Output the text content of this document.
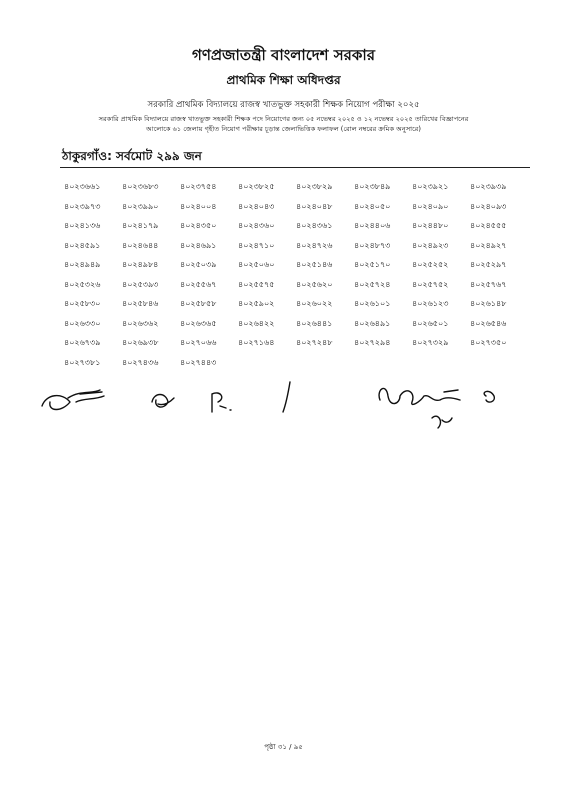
গণপ্রজাতন্ত্রী বাংলাদেশ সরকার
প্রাথমিক শিক্ষা অধিদপ্তর
সরকারি প্রাথমিক বিদ্যালয়ে রাজস্ব খাতভুক্ত সহকারী শিক্ষক নিয়োগ পরীক্ষা ২০২৫
সরকারি প্রাথমিক বিদ্যালয়ে রাজস্ব খাতভুক্ত সহকারী শিক্ষক পদে নিয়োগের জন্য ০৫ নভেম্বর ২০২৫ ও ১২ নভেম্বর ২০২৫ তারিখের বিজ্ঞাপনের
আলোকে ৬১ জেলায় গৃহীত নিয়োগ পরীক্ষার চূড়ান্ত জেলাভিত্তিক ফলাফল (রোল নম্বরের ক্রমিক অনুসারে)
ঠাকুরগাঁও: সর্বমোট ২৯৯ জন
৪০২৩৬৬১	৪০২৩৬৮৩	৪০২৩৭৫৪	৪০২৩৮২৫	৪০২৩৮২৯	৪০২৩৮৪৯	৪০২৩৯২১	৪০২৩৯৩৯
৪০২৩৯৭৩	৪০২৩৯৯০	৪০২৪০০৪	৪০২৪০৪৩	৪০২৪০৪৮	৪০২৪০৫০	৪০২৪০৯০	৪০২৪০৯৩
৪০২৪১৩৬	৪০২৪১৭৯	৪০২৪৩৫০	৪০২৪৩৬০	৪০২৪৩৬১	৪০২৪৪০৬	৪০২৪৪৮০	৪০২৪৫৫৫
৪০২৪৫৯১	৪০২৪৬৪৪	৪০২৪৬৯১	৪০২৪৭১০	৪০২৪৭২৬	৪০২৪৮৭৩	৪০২৪৯২৩	৪০২৪৯২৭
৪০২৪৯৪৯	৪০২৪৯৮৪	৪০২৫০৩৯	৪০২৫০৬০	৪০২৫১৪৬	৪০২৫১৭০	৪০২৫২৫২	৪০২৫২৯৭
৪০২৫৩২৬	৪০২৫৩৯৩	৪০২৫৫৬৭	৪০২৫৫৭৫	৪০২৫৬২০	৪০২৫৭২৪	৪০২৫৭৫২	৪০২৫৭৬৭
৪০২৫৮৩০	৪০২৫৮৪৬	৪০২৫৮৫৮	৪০২৫৯০২	৪০২৬০২২	৪০২৬১০১	৪০২৬১২৩	৪০২৬১৪৮
৪০২৬৩৩০	৪০২৬৩৬২	৪০২৬৩৬৫	৪০২৬৪২২	৪০২৬৪৪১	৪০২৬৪৯১	৪০২৬৫০১	৪০২৬৫৪৬
৪০২৬৭৩৯	৪০২৬৯৩৮	৪০২৭০৬৬	৪০২৭১৬৪	৪০২৭২৪৮	৪০২৭২৯৪	৪০২৭৩২৯	৪০২৭৩৫০
৪০২৭৩৮১	৪০২৭৪৩৬	৪০২৭৪৪৩
পৃষ্ঠা ৩১ / ৯৫
